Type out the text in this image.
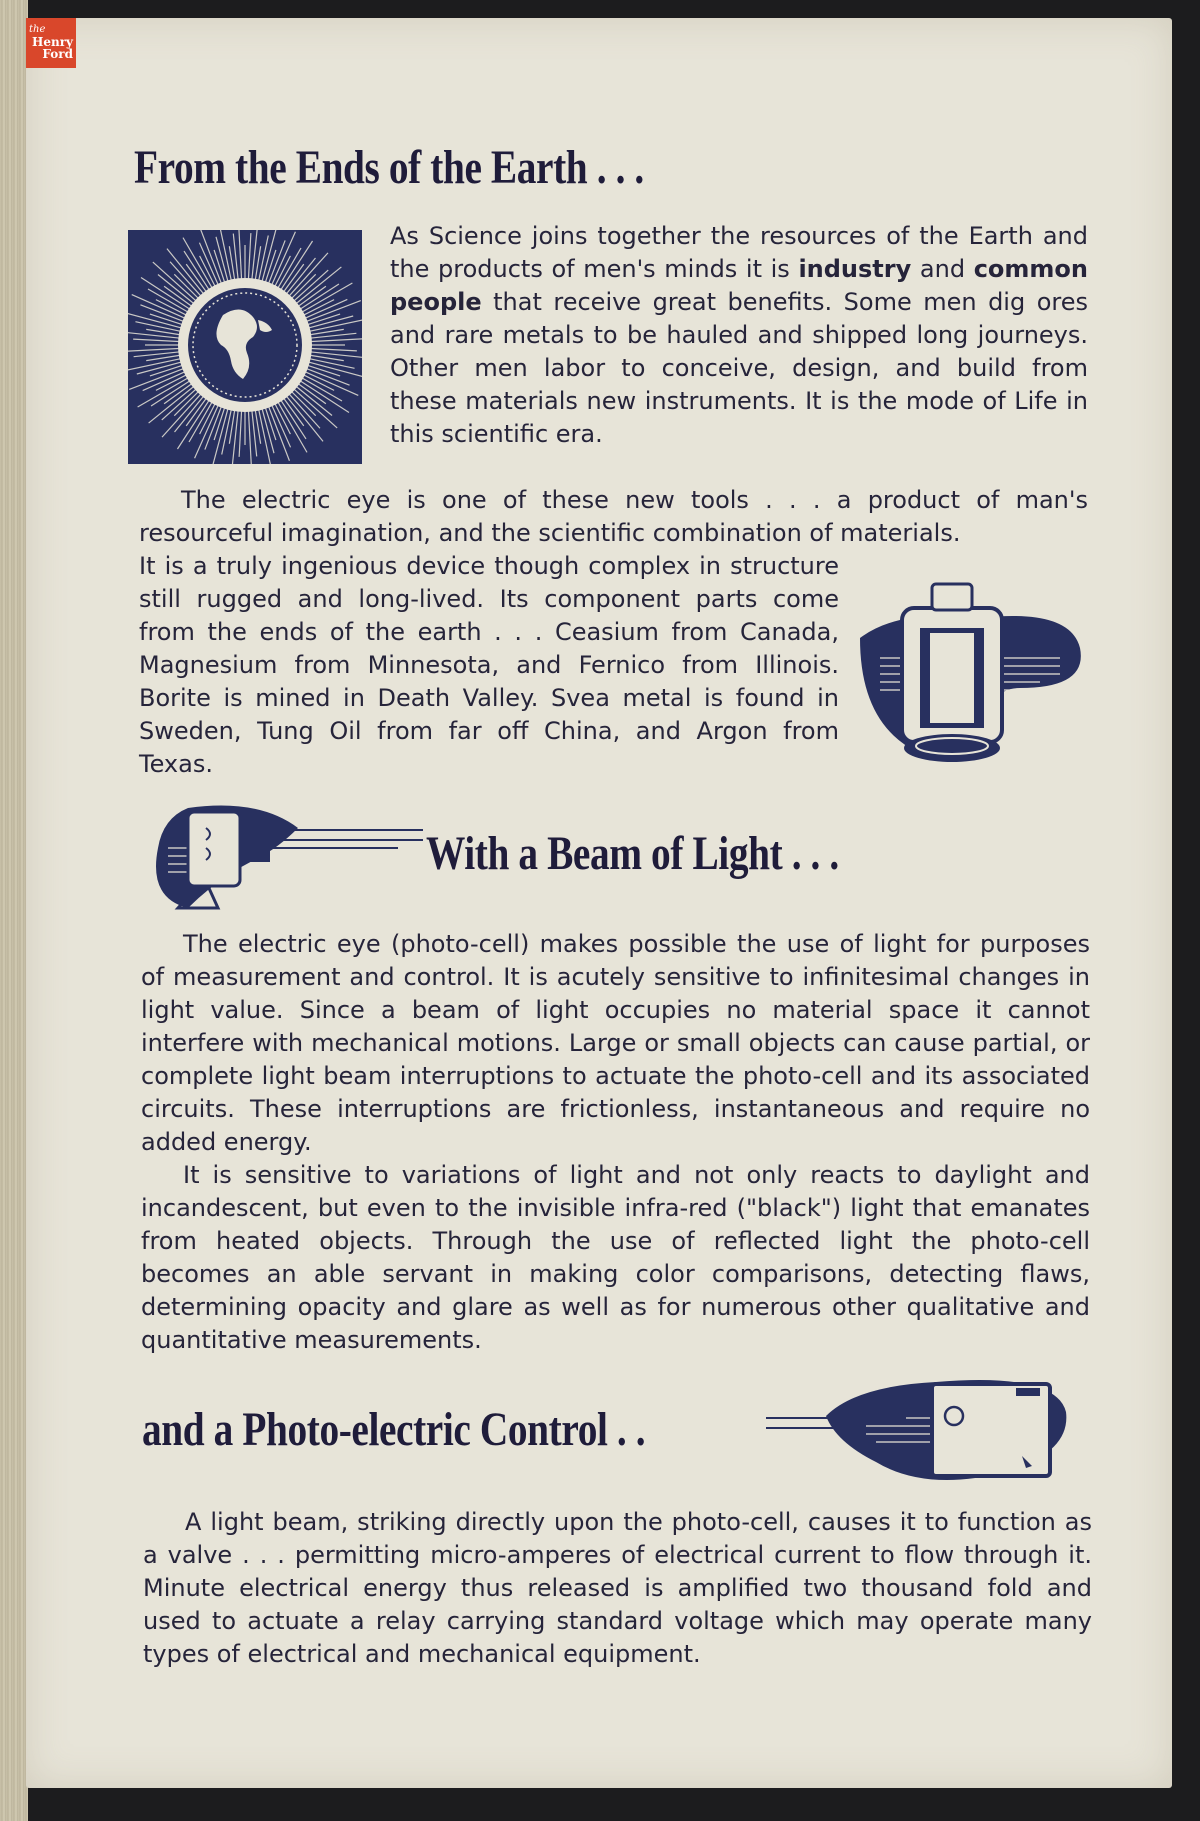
the
Henry
Ford
From the Ends of the Earth . . .

As Science joins together the resources of the Earth and the products of men's minds it is industry and common people that receive great benefits. Some men dig ores and rare metals to be hauled and shipped long journeys. Other men labor to conceive, design, and build from these materials new instruments. It is the mode of Life in this scientific era.

The electric eye is one of these new tools . . . a product of man's resourceful imagination, and the scientific combination of materials.

It is a truly ingenious device though complex in structure still rugged and long-lived. Its component parts come from the ends of the earth . . . Ceasium from Canada, Magnesium from Minnesota, and Fernico from Illinois. Borite is mined in Death Valley. Svea metal is found in Sweden, Tung Oil from far off China, and Argon from Texas.

With a Beam of Light . . .

The electric eye (photo-cell) makes possible the use of light for purposes of measurement and control. It is acutely sensitive to infinitesimal changes in light value. Since a beam of light occupies no material space it cannot interfere with mechanical motions. Large or small objects can cause partial, or complete light beam interruptions to actuate the photo-cell and its associated circuits. These interruptions are frictionless, instantaneous and require no added energy.

It is sensitive to variations of light and not only reacts to daylight and incandescent, but even to the invisible infra-red ("black") light that emanates from heated objects. Through the use of reflected light the photo-cell becomes an able servant in making color comparisons, detecting flaws, determining opacity and glare as well as for numerous other qualitative and quantitative measurements.

and a Photo-electric Control . .

A light beam, striking directly upon the photo-cell, causes it to function as a valve . . . permitting micro-amperes of electrical current to flow through it. Minute electrical energy thus released is amplified two thousand fold and used to actuate a relay carrying standard voltage which may operate many types of electrical and mechanical equipment.
